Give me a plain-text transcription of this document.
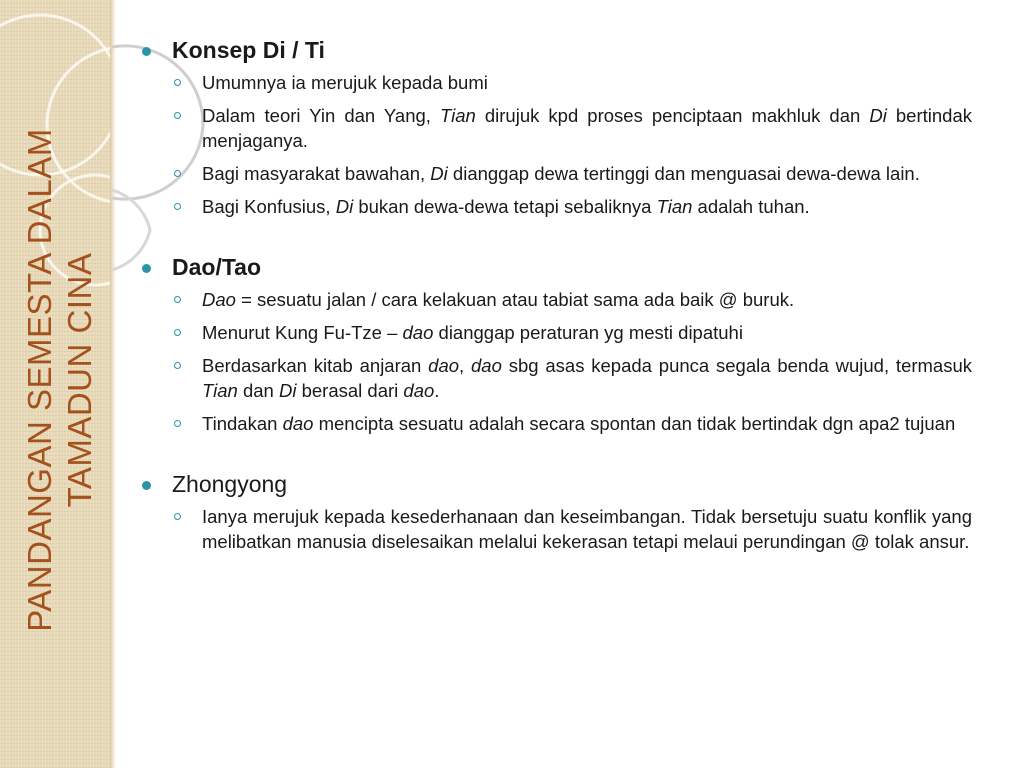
PANDANGAN SEMESTA DALAM TAMADUN CINA
Konsep Di / Ti
Umumnya ia merujuk kepada bumi
Dalam teori Yin dan Yang, Tian dirujuk kpd proses penciptaan makhluk dan Di bertindak menjaganya.
Bagi masyarakat bawahan, Di dianggap dewa tertinggi dan menguasai dewa-dewa lain.
Bagi Konfusius, Di bukan dewa-dewa tetapi sebaliknya Tian adalah tuhan.
Dao/Tao
Dao = sesuatu jalan / cara kelakuan atau tabiat sama ada baik @ buruk.
Menurut Kung Fu-Tze – dao dianggap peraturan yg mesti dipatuhi
Berdasarkan kitab anjaran dao, dao sbg asas kepada punca segala benda wujud, termasuk Tian dan Di berasal dari dao.
Tindakan dao mencipta sesuatu adalah secara spontan dan tidak bertindak dgn apa2 tujuan
Zhongyong
Ianya merujuk kepada kesederhanaan dan keseimbangan. Tidak bersetuju suatu konflik yang melibatkan manusia diselesaikan melalui kekerasan tetapi melaui perundingan @ tolak ansur.
